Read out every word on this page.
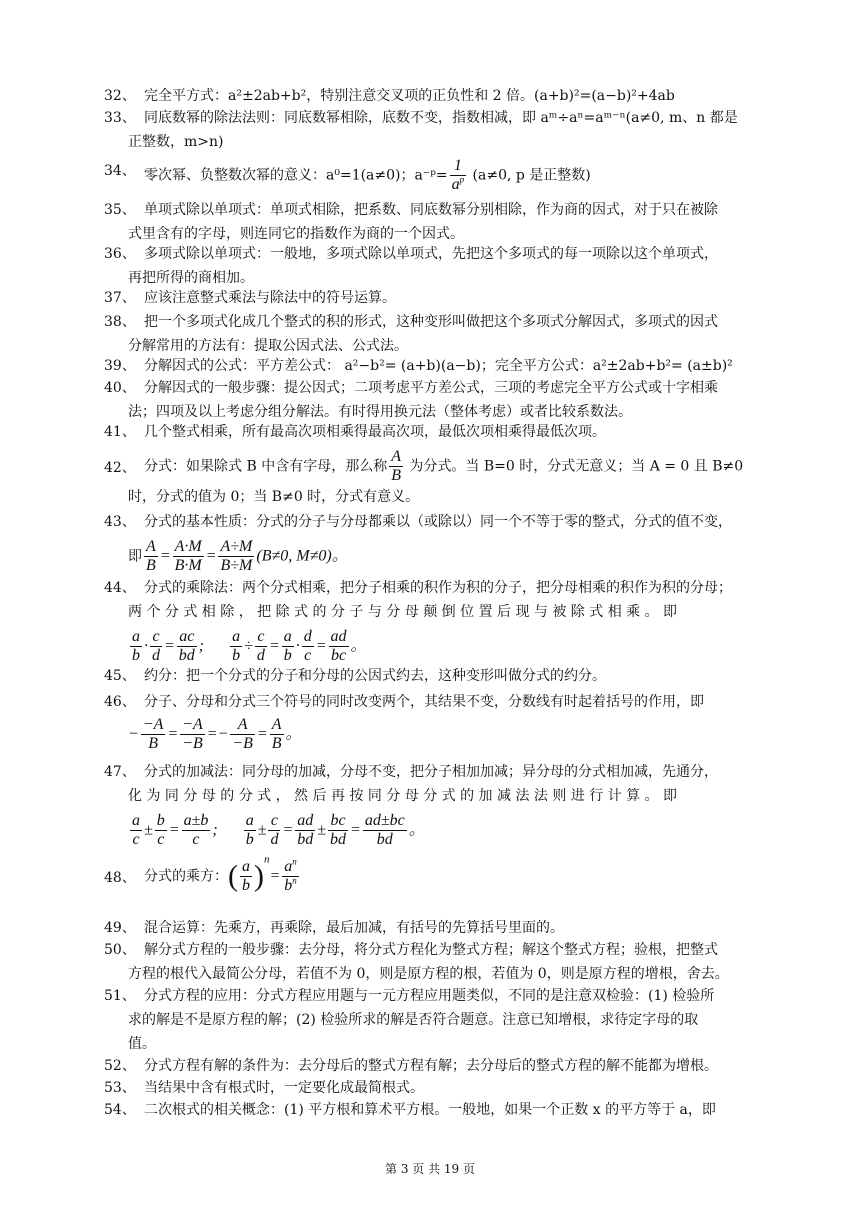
32、 完全平方式：a²±2ab+b²，特别注意交叉项的正负性和 2 倍。(a+b)²=(a−b)²+4ab
33、 同底数幂的除法法则：同底数幂相除，底数不变，指数相减，即 aᵐ÷aⁿ=aᵐ⁻ⁿ(a≠0, m、n 都是
正整数，m>n)
34、 零次幂、负整数次幂的意义：a⁰=1(a≠0)；a⁻ᵖ= $\frac{1}{a^p} (a\ne 0$, p 是正整数)
35、 单项式除以单项式：单项式相除，把系数、同底数幂分别相除，作为商的因式，对于只在被除
式里含有的字母，则连同它的指数作为商的一个因式。
36、 多项式除以单项式：一般地，多项式除以单项式，先把这个多项式的每一项除以这个单项式，
再把所得的商相加。
37、 应该注意整式乘法与除法中的符号运算。
38、 把一个多项式化成几个整式的积的形式，这种变形叫做把这个多项式分解因式，多项式的因式
分解常用的方法有：提取公因式法、公式法。
39、 分解因式的公式：平方差公式： a²−b²= (a+b)(a−b)；完全平方公式：a²±2ab+b²= (a±b)²
40、 分解因式的一般步骤：提公因式；二项考虑平方差公式，三项的考虑完全平方公式或十字相乘
法；四项及以上考虑分组分解法。有时得用换元法（整体考虑）或者比较系数法。
41、 几个整式相乘，所有最高次项相乘得最高次项，最低次项相乘得最低次项。
42、 分式：如果除式 B 中含有字母，那么称 $\frac{A}{B}$ 为分式。当 B=0 时，分式无意义；当 A = 0 且 B≠0
时，分式的值为 0；当 B≠0 时，分式有意义。
43、 分式的基本性质：分式的分子与分母都乘以（或除以）同一个不等于零的整式，分式的值不变，
即 $\frac{A}{B} = \frac{A\cdot M}{B\cdot M} = \frac{A\div M}{B\div M} (B\ne 0$, M≠0)。
44、 分式的乘除法：两个分式相乘，把分子相乘的积作为积的分子，把分母相乘的积作为积的分母；
两 个 分 式 相 除 ， 把 除 式 的 分 子 与 分 母 颠 倒 位 置 后 现 与 被 除 式 相 乘 。 即
$\frac{a}{b} \cdot \frac{c}{d} = \frac{ac}{bd}$ ; $\frac{a}{b} \div \frac{c}{d} = \frac{a}{b} \cdot \frac{d}{c} = \frac{ad}{bc}$ 。
45、 约分：把一个分式的分子和分母的公因式约去，这种变形叫做分式的约分。
46、 分子、分母和分式三个符号的同时改变两个，其结果不变，分数线有时起着括号的作用，即
− $\frac{-A}{B} = \frac{-A}{-B} =- \frac{A}{-B} = \frac{A}{B}$ 。
47、 分式的加减法：同分母的加减，分母不变，把分子相加加减；异分母的分式相加减，先通分，
化 为 同 分 母 的 分 式 ， 然 后 再 按 同 分 母 分 式 的 加 减 法 法 则 进 行 计 算 。 即
$\frac{a}{c} \pm \frac{b}{c} = \frac{a\pm b}{c}$ ; $\frac{a}{b} \pm \frac{c}{d} = \frac{ad}{bd} \pm \frac{bc}{bd} = \frac{ad\pm bc}{bd}$ 。
48、 分式的乘方：( $\frac{a}{b} )^n= \frac{a^n}{b^n}$
49、 混合运算：先乘方，再乘除，最后加减，有括号的先算括号里面的。
50、 解分式方程的一般步骤：去分母，将分式方程化为整式方程；解这个整式方程；验根，把整式
方程的根代入最简公分母，若值不为 0，则是原方程的根，若值为 0，则是原方程的增根，舍去。
51、 分式方程的应用：分式方程应用题与一元方程应用题类似，不同的是注意双检验：(1) 检验所
求的解是不是原方程的解；(2) 检验所求的解是否符合题意。注意已知增根，求待定字母的取
值。
52、 分式方程有解的条件为：去分母后的整式方程有解；去分母后的整式方程的解不能都为增根。
53、 当结果中含有根式时，一定要化成最简根式。
54、 二次根式的相关概念：(1) 平方根和算术平方根。一般地，如果一个正数 x 的平方等于 a，即
第 3 页 共 19 页
